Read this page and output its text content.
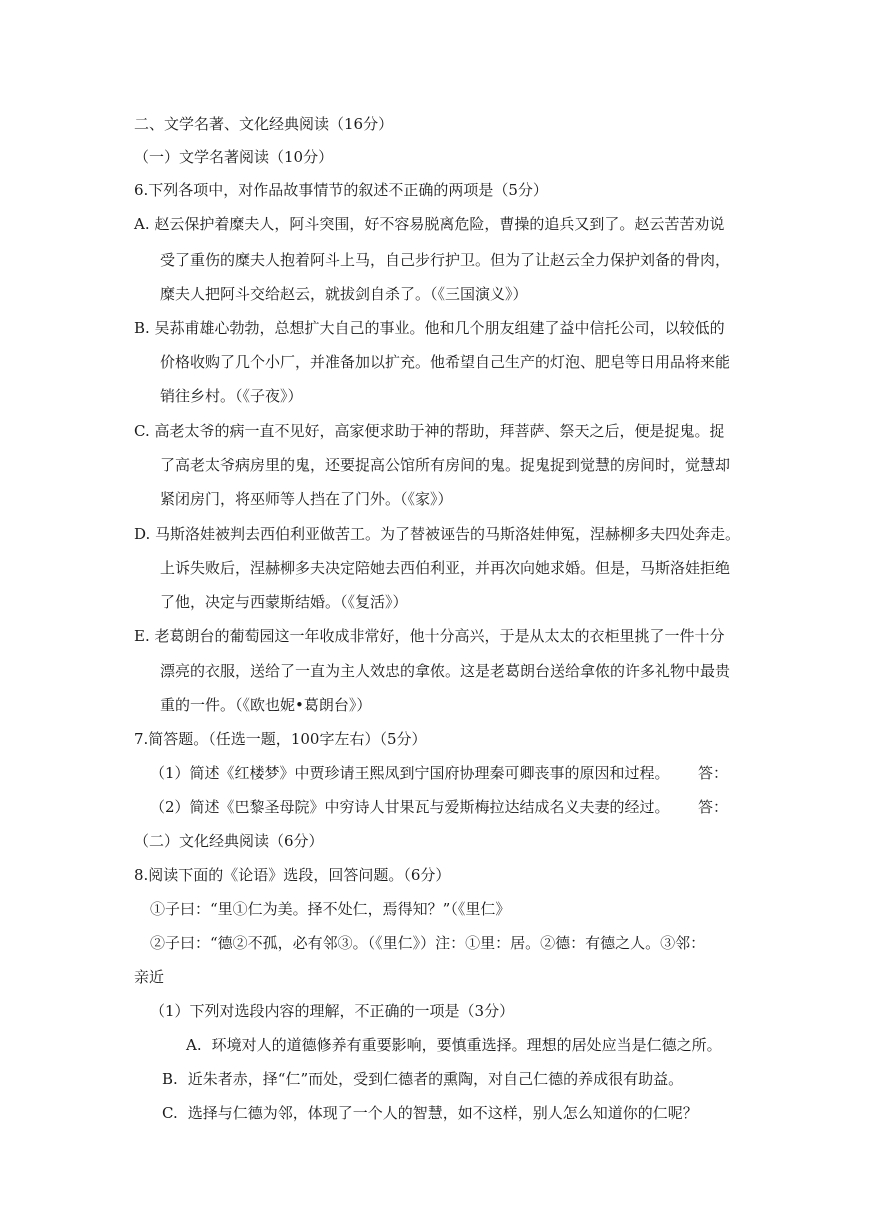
二、文学名著、文化经典阅读（16分）
（一）文学名著阅读（10分）
6.下列各项中，对作品故事情节的叙述不正确的两项是（5分）
A. 赵云保护着糜夫人，阿斗突围，好不容易脱离危险，曹操的追兵又到了。赵云苦苦劝说
受了重伤的糜夫人抱着阿斗上马，自己步行护卫。但为了让赵云全力保护刘备的骨肉，
糜夫人把阿斗交给赵云，就拔剑自杀了。（《三国演义》）
B. 吴荪甫雄心勃勃，总想扩大自己的事业。他和几个朋友组建了益中信托公司，以较低的
价格收购了几个小厂，并准备加以扩充。他希望自己生产的灯泡、肥皂等日用品将来能
销往乡村。（《子夜》）
C. 高老太爷的病一直不见好，高家便求助于神的帮助，拜菩萨、祭天之后，便是捉鬼。捉
了高老太爷病房里的鬼，还要捉高公馆所有房间的鬼。捉鬼捉到觉慧的房间时，觉慧却
紧闭房门，将巫师等人挡在了门外。（《家》）
D. 马斯洛娃被判去西伯利亚做苦工。为了替被诬告的马斯洛娃伸冤，涅赫柳多夫四处奔走。
上诉失败后，涅赫柳多夫决定陪她去西伯利亚，并再次向她求婚。但是，马斯洛娃拒绝
了他，决定与西蒙斯结婚。（《复活》）
E. 老葛朗台的葡萄园这一年收成非常好，他十分高兴，于是从太太的衣柜里挑了一件十分
漂亮的衣服，送给了一直为主人效忠的拿侬。这是老葛朗台送给拿侬的许多礼物中最贵
重的一件。（《欧也妮•葛朗台》）
7.简答题。（任选一题，100字左右）（5分）
（1）简述《红楼梦》中贾珍请王熙凤到宁国府协理秦可卿丧事的原因和过程。 答：
（2）简述《巴黎圣母院》中穷诗人甘果瓦与爱斯梅拉达结成名义夫妻的经过。 答：
（二）文化经典阅读（6分）
8.阅读下面的《论语》选段，回答问题。（6分）
①子曰：“里①仁为美。择不处仁，焉得知？”（《里仁》
②子曰：“德②不孤，必有邻③。（《里仁》）注：①里：居。②德：有德之人。③邻：
亲近
（1）下列对选段内容的理解，不正确的一项是（3分）
A. 环境对人的道德修养有重要影响，要慎重选择。理想的居处应当是仁德之所。
B. 近朱者赤，择“仁”而处，受到仁德者的熏陶，对自己仁德的养成很有助益。
C. 选择与仁德为邻，体现了一个人的智慧，如不这样，别人怎么知道你的仁呢？
